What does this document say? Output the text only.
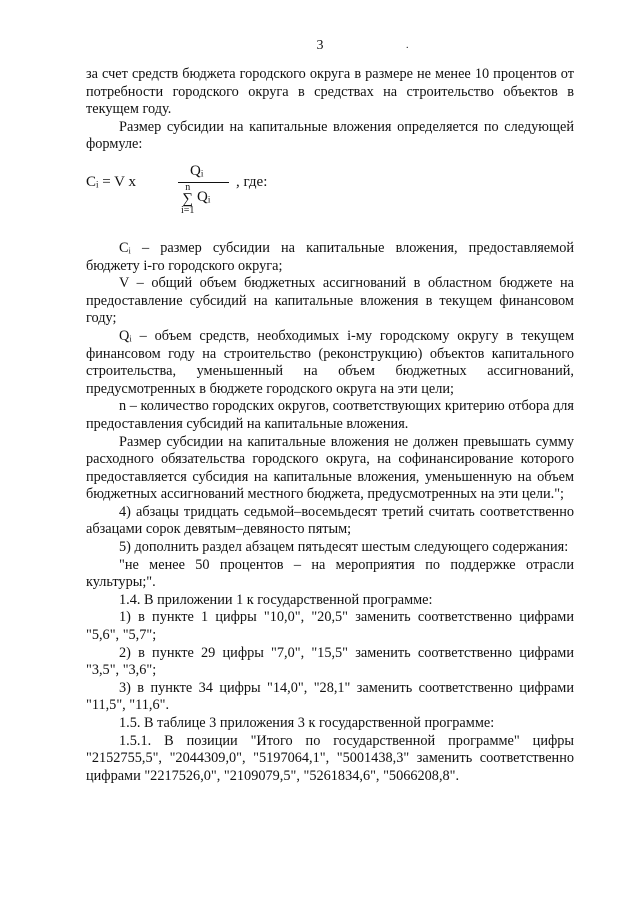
3	.

за счет средств бюджета городского округа в размере не менее 10 процентов от потребности городского округа в средствах на строительство объектов в текущем году.

Размер субсидии на капитальные вложения определяется по следующей формуле:

Cᵢ = V x
Qᵢ
n
∑
i=1
Qᵢ
, где:

Cᵢ – размер субсидии на капитальные вложения, предоставляемой бюджету i-го городского округа;

V – общий объем бюджетных ассигнований в областном бюджете на предоставление субсидий на капитальные вложения в текущем финансовом году;

Qᵢ – объем средств, необходимых i-му городскому округу в текущем финансовом году на строительство (реконструкцию) объектов капитального строительства, уменьшенный на объем бюджетных ассигнований, предусмотренных в бюджете городского округа на эти цели;

n – количество городских округов, соответствующих критерию отбора для предоставления субсидий на капитальные вложения.

Размер субсидии на капитальные вложения не должен превышать сумму расходного обязательства городского округа, на софинансирование которого предоставляется субсидия на капитальные вложения, уменьшенную на объем бюджетных ассигнований местного бюджета, предусмотренных на эти цели.";

4) абзацы тридцать седьмой–восемьдесят третий считать соответственно абзацами сорок девятым–девяносто пятым;

5) дополнить раздел абзацем пятьдесят шестым следующего содержания:

"не менее 50 процентов – на мероприятия по поддержке отрасли культуры;".

1.4. В приложении 1 к государственной программе:

1) в пункте 1 цифры "10,0", "20,5" заменить соответственно цифрами "5,6", "5,7";

2) в пункте 29 цифры "7,0", "15,5" заменить соответственно цифрами "3,5", "3,6";

3) в пункте 34 цифры "14,0", "28,1" заменить соответственно цифрами "11,5", "11,6".

1.5. В таблице 3 приложения 3 к государственной программе:

1.5.1. В позиции "Итого по государственной программе" цифры "2152755,5", "2044309,0", "5197064,1", "5001438,3" заменить соответственно цифрами "2217526,0", "2109079,5", "5261834,6", "5066208,8".
